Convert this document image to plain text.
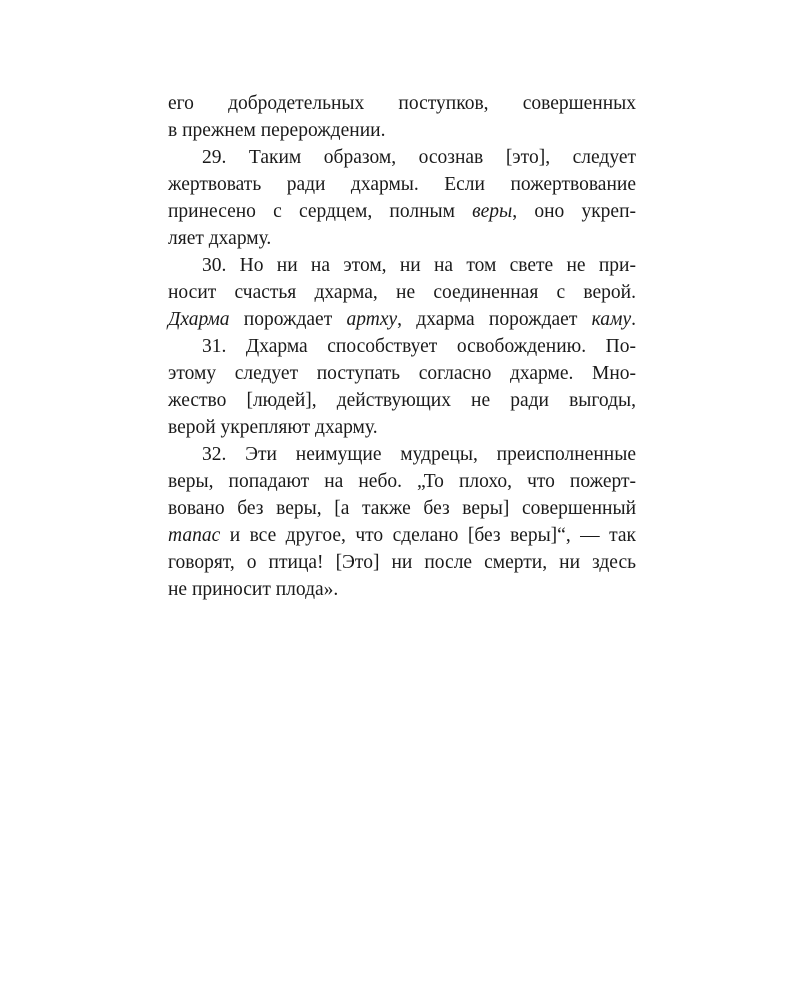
его добродетельных поступков, совершенных
в прежнем перерождении.
29. Таким образом, осознав [это], следует
жертвовать ради дхармы. Если пожертвование
принесено с сердцем, полным веры, оно укреп-
ляет дхарму.
30. Но ни на этом, ни на том свете не при-
носит счастья дхарма, не соединенная с верой.
Дхарма порождает артху, дхарма порождает каму.
31. Дхарма способствует освобождению. По-
этому следует поступать согласно дхарме. Мно-
жество [людей], действующих не ради выгоды,
верой укрепляют дхарму.
32. Эти неимущие мудрецы, преисполненные
веры, попадают на небо. „То плохо, что пожерт-
вовано без веры, [а также без веры] совершенный
тапас и все другое, что сделано [без веры]“, — так
говорят, о птица! [Это] ни после смерти, ни здесь
не приносит плода».
